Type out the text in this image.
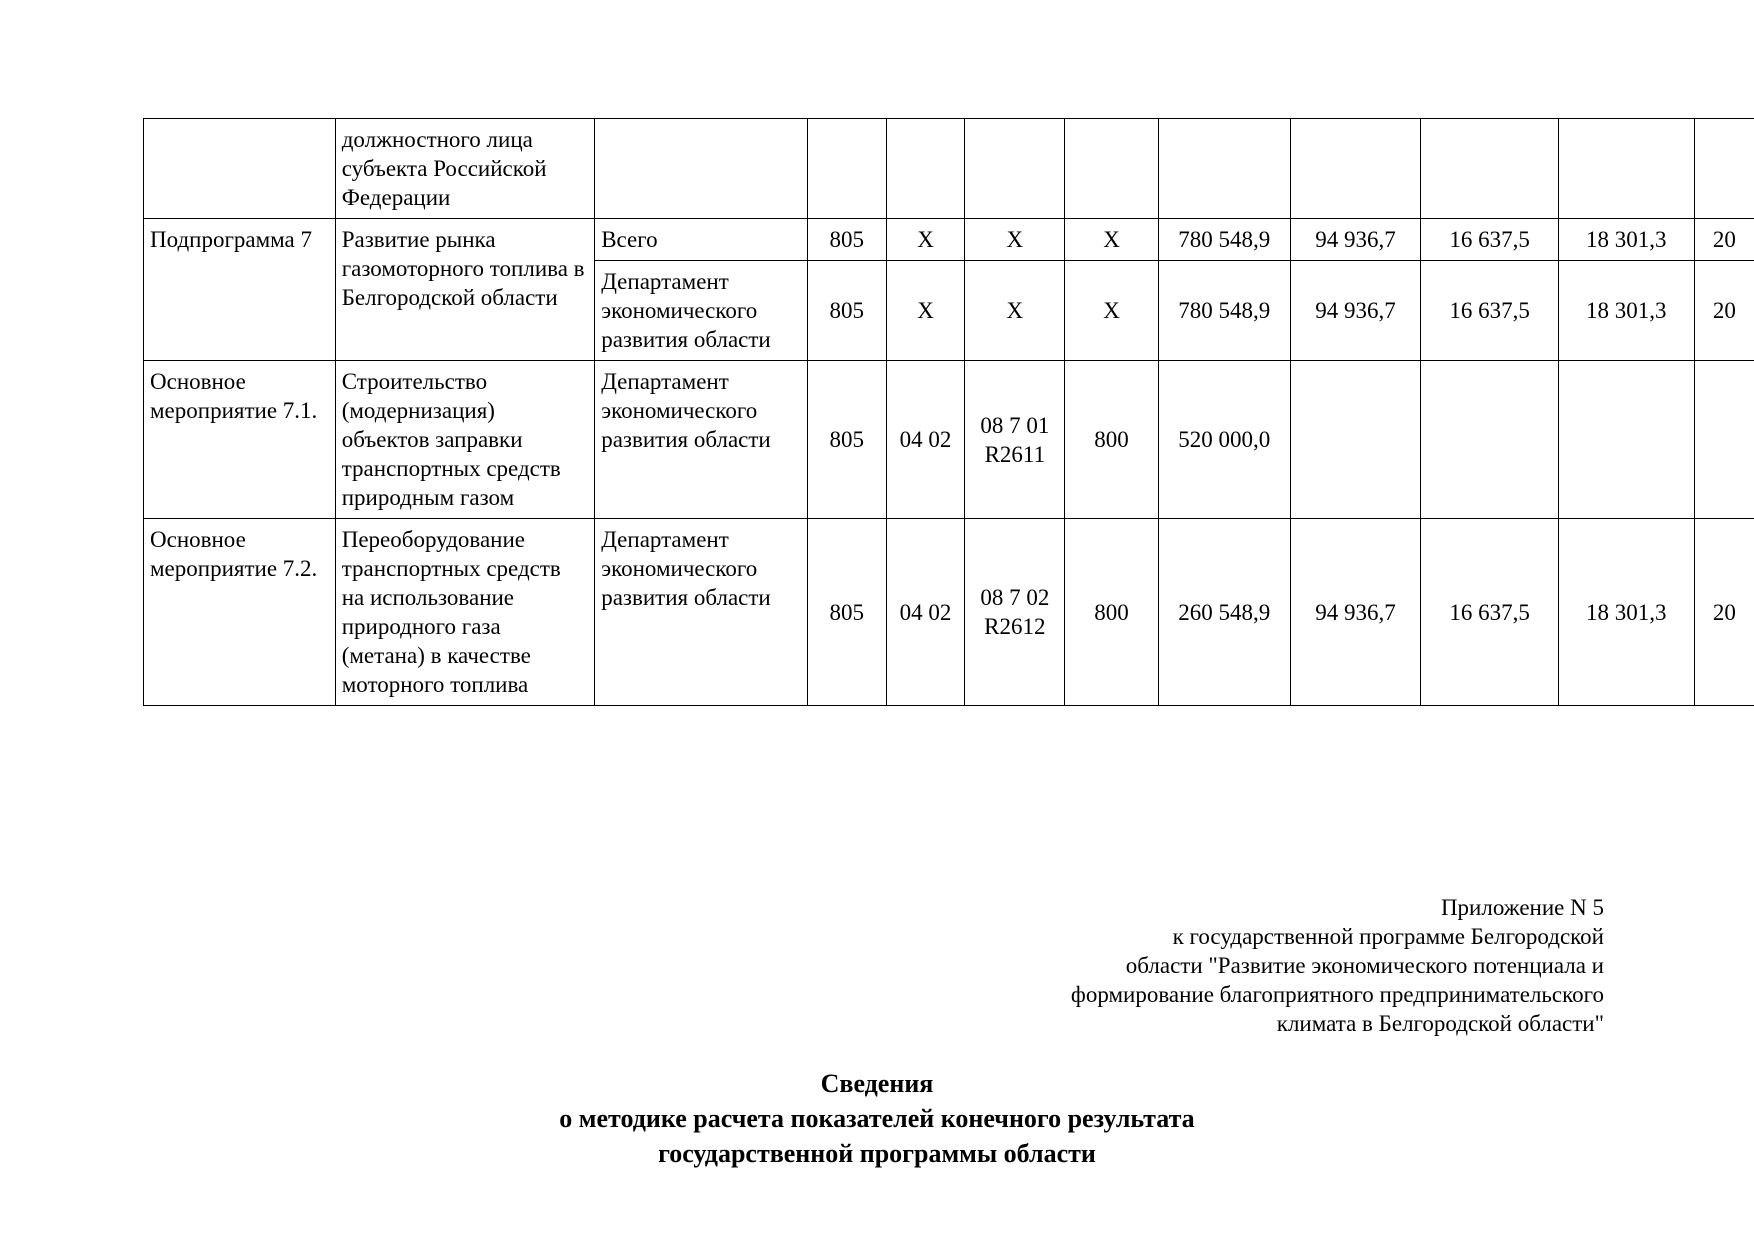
	должностного лица субъекта Российской Федерации										
Подпрограмма 7	Развитие рынка газомоторного топлива в Белгородской области	Всего	805	Х	Х	Х	780 548,9	94 936,7	16 637,5	18 301,3	20
		Департамент экономического развития области	805	Х	Х	Х	780 548,9	94 936,7	16 637,5	18 301,3	20
Основное мероприятие 7.1.	Строительство (модернизация) объектов заправки транспортных средств природным газом	Департамент экономического развития области	805	04 02	08 7 01 R2611	800	520 000,0				
Основное мероприятие 7.2.	Переоборудование транспортных средств на использование природного газа (метана) в качестве моторного топлива	Департамент экономического развития области	805	04 02	08 7 02 R2612	800	260 548,9	94 936,7	16 637,5	18 301,3	20
Приложение N 5
к государственной программе Белгородской
области "Развитие экономического потенциала и
формирование благоприятного предпринимательского
климата в Белгородской области"
Сведения
о методике расчета показателей конечного результата
государственной программы области
